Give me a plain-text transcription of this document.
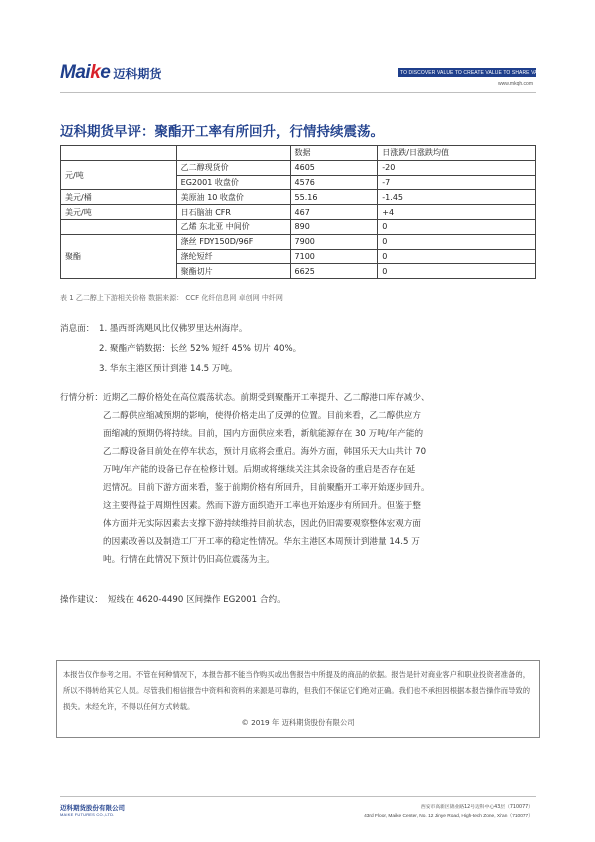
Maike 迈科期货	TO DISCOVER VALUE TO CREATE VALUE TO SHARE VALUE
www.mkqh.com
迈科期货早评：聚酯开工率有所回升，行情持续震荡。
		数据	日涨跌/日涨跌均值
元/吨	乙二醇现货价	4605	-20
	EG2001 收盘价	4576	-7
美元/桶	美原油 10 收盘价	55.16	-1.45
美元/吨	日石脑油 CFR	467	+4
	乙烯 东北亚 中间价	890	0
聚酯	涤丝 FDY150D/96F	7900	0
	涤纶短纤	7100	0
	聚酯切片	6625	0
表 1 乙二醇上下游相关价格 数据来源： CCF 化纤信息网 卓创网 中纤网
消息面： 1. 墨西哥湾飓风比仅佛罗里达州海岸。
2. 聚酯产销数据：长丝 52% 短纤 45% 切片 40%。
3. 华东主港区预计到港 14.5 万吨。
行情分析： 近期乙二醇价格处在高位震荡状态。前期受到聚酯开工率提升、乙二醇港口库存减少、
乙二醇供应缩减预期的影响，使得价格走出了反弹的位置。目前来看，乙二醇供应方
面缩减的预期仍将持续。目前，国内方面供应来看，新航能源存在 30 万吨/年产能的
乙二醇设备目前处在停车状态，预计月底将会重启。海外方面，韩国乐天大山共计 70
万吨/年产能的设备已存在检修计划。后期或将继续关注其余设备的重启是否存在延
迟情况。目前下游方面来看，鉴于前期价格有所回升，目前聚酯开工率开始逐步回升。
这主要得益于周期性因素。然而下游方面织造开工率也开始逐步有所回升。但鉴于整
体方面并无实际因素去支撑下游持续维持目前状态，因此仍旧需要观察整体宏观方面
的因素改善以及制造工厂开工率的稳定性情况。华东主港区本周预计到港量 14.5 万
吨。行情在此情况下预计仍旧高位震荡为主。
操作建议： 短线在 4620-4490 区间操作 EG2001 合约。
本报告仅作参考之用。不管在何种情况下，本报告都不能当作购买或出售报告中所提及的商品的依据。报告是针对商业客户和职业投资者准备的，所以不得转给其它人员。尽管我们相信报告中资料和资料的来源是可靠的，但我们不保证它们绝对正确。我们也不承担因根据本报告操作而导致的损失。未经允许，不得以任何方式转载。
© 2019 年 迈科期货股份有限公司
迈科期货股份有限公司
MAIKE FUTURES CO.,LTD.
西安市高新区锦业路12号迈科中心43层（710077）
43rd Floor, Maike Center, No. 12 Jinye Road, High-tech Zone, Xi'an（710077）
